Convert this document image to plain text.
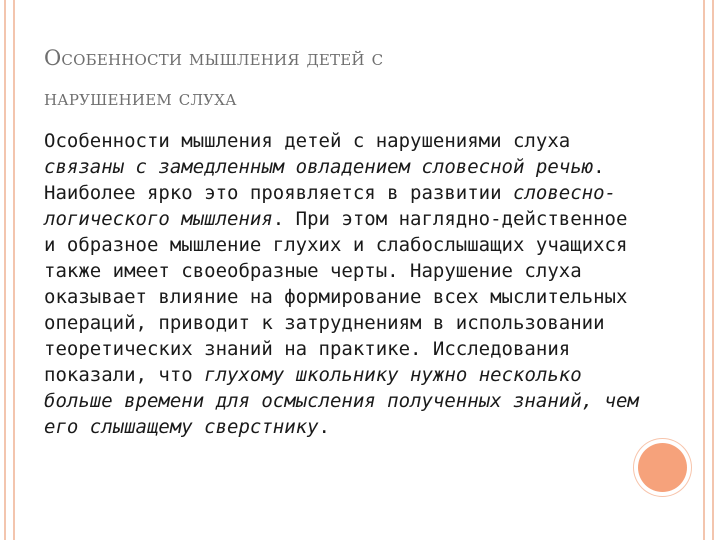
Особенности мышления детей с
нарушением слуха
Особенности мышления детей с нарушениями слуха связаны с замедленным овладением словесной речью. Наиболее ярко это проявляется в развитии словесно-логического мышления. При этом наглядно-действенное и образное мышление глухих и слабослышащих учащихся также имеет своеобразные черты. Нарушение слуха оказывает влияние на формирование всех мыслительных операций, приводит к затруднениям в использовании теоретических знаний на практике. Исследования показали, что глухому школьнику нужно несколько больше времени для осмысления полученных знаний, чем его слышащему сверстнику.
